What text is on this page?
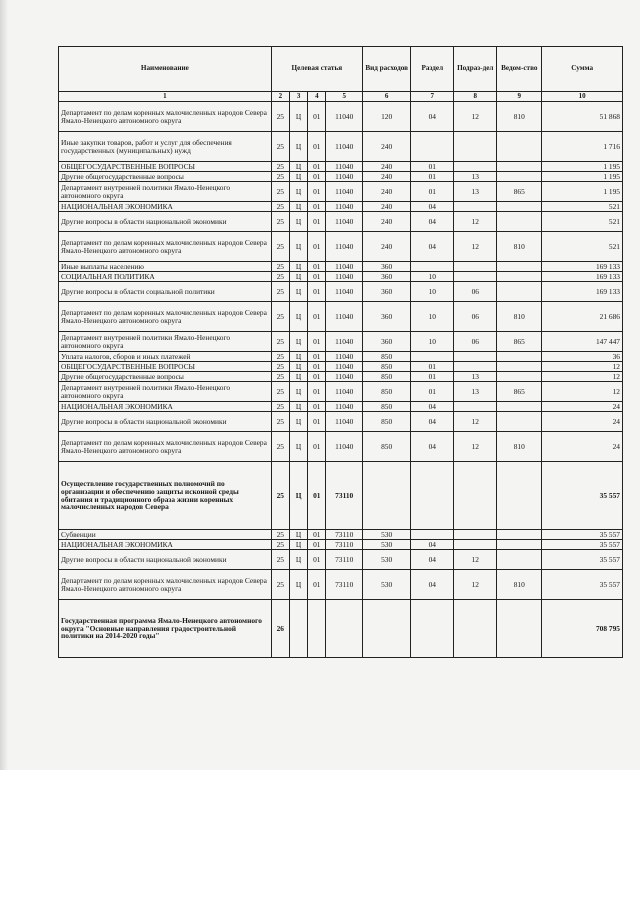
Наименование	Целевая статья				Вид расходов	Раздел	Подраз-дел	Ведом-ство	Сумма
1	2	3	4	5	6	7	8	9	10
Департамент по делам коренных малочисленных народов Севера Ямало-Ненецкого автономного округа	25	Ц	01	11040	120	04	12	810	51 868
Иные закупки товаров, работ и услуг для обеспечения государственных (муниципальных) нужд	25	Ц	01	11040	240				1 716
ОБЩЕГОСУДАРСТВЕННЫЕ ВОПРОСЫ	25	Ц	01	11040	240	01			1 195
Другие общегосударственные вопросы	25	Ц	01	11040	240	01	13		1 195
Департамент внутренней политики Ямало-Ненецкого автономного округа	25	Ц	01	11040	240	01	13	865	1 195
НАЦИОНАЛЬНАЯ ЭКОНОМИКА	25	Ц	01	11040	240	04			521
Другие вопросы в области национальной экономики	25	Ц	01	11040	240	04	12		521
Департамент по делам коренных малочисленных народов Севера Ямало-Ненецкого автономного округа	25	Ц	01	11040	240	04	12	810	521
Иные выплаты населению	25	Ц	01	11040	360				169 133
СОЦИАЛЬНАЯ ПОЛИТИКА	25	Ц	01	11040	360	10			169 133
Другие вопросы в области социальной политики	25	Ц	01	11040	360	10	06		169 133
Департамент по делам коренных малочисленных народов Севера Ямало-Ненецкого автономного округа	25	Ц	01	11040	360	10	06	810	21 686
Департамент внутренней политики Ямало-Ненецкого автономного округа	25	Ц	01	11040	360	10	06	865	147 447
Уплата налогов, сборов и иных платежей	25	Ц	01	11040	850				36
ОБЩЕГОСУДАРСТВЕННЫЕ ВОПРОСЫ	25	Ц	01	11040	850	01			12
Другие общегосударственные вопросы	25	Ц	01	11040	850	01	13		12
Департамент внутренней политики Ямало-Ненецкого автономного округа	25	Ц	01	11040	850	01	13	865	12
НАЦИОНАЛЬНАЯ ЭКОНОМИКА	25	Ц	01	11040	850	04			24
Другие вопросы в области национальной экономики	25	Ц	01	11040	850	04	12		24
Департамент по делам коренных малочисленных народов Севера Ямало-Ненецкого автономного округа	25	Ц	01	11040	850	04	12	810	24
Осуществление государственных полномочий по организации и обеспечению защиты исконной среды обитания и традиционного образа жизни коренных малочисленных народов Севера	25	Ц	01	73110					35 557
Субвенции	25	Ц	01	73110	530				35 557
НАЦИОНАЛЬНАЯ ЭКОНОМИКА	25	Ц	01	73110	530	04			35 557
Другие вопросы в области национальной экономики	25	Ц	01	73110	530	04	12		35 557
Департамент по делам коренных малочисленных народов Севера Ямало-Ненецкого автономного округа	25	Ц	01	73110	530	04	12	810	35 557
Государственная программа Ямало-Ненецкого автономного округа "Основные направления градостроительной политики на 2014-2020 годы"	26								708 795
